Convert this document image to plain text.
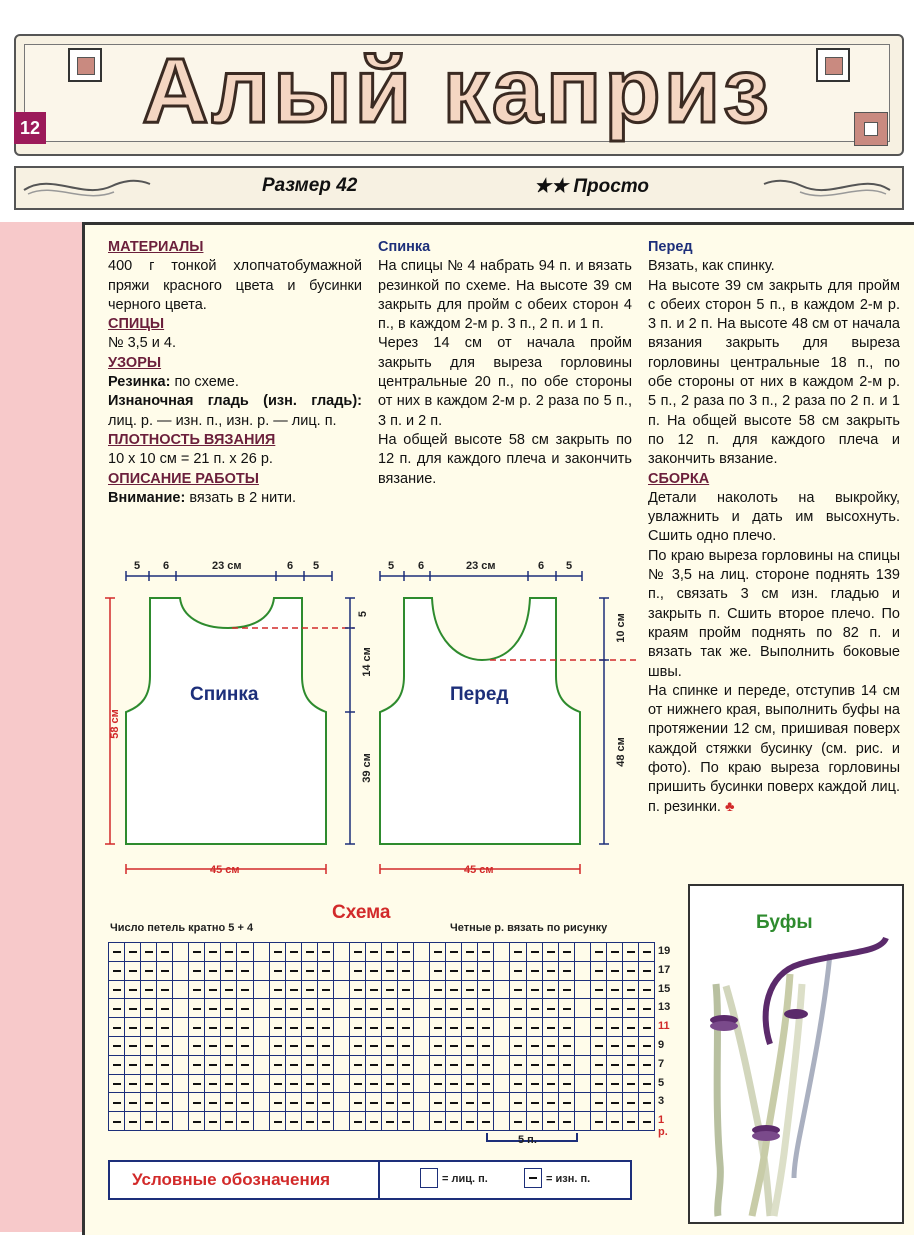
Алый каприз
12
Размер 42	★★ Просто
МАТЕРИАЛЫ
400 г тонкой хлопчатобумажной пряжи красного цвета и бусинки черного цвета.
СПИЦЫ
№ 3,5 и 4.
УЗОРЫ
Резинка: по схеме.
Изнаночная гладь (изн. гладь): лиц. р. — изн. п., изн. р. — лиц. п.
ПЛОТНОСТЬ ВЯЗАНИЯ
10 х 10 см = 21 п. х 26 р.
ОПИСАНИЕ РАБОТЫ
Внимание: вязать в 2 нити.
Спинка
На спицы № 4 набрать 94 п. и вязать резинкой по схеме. На высоте 39 см закрыть для пройм с обеих сторон 4 п., в каждом 2-м р. 3 п., 2 п. и 1 п.
Через 14 см от начала пройм закрыть для выреза горловины центральные 20 п., по обе стороны от них в каждом 2-м р. 2 раза по 5 п., 3 п. и 2 п.
На общей высоте 58 см закрыть по 12 п. для каждого плеча и закончить вязание.
Перед
Вязать, как спинку.
На высоте 39 см закрыть для пройм с обеих сторон 5 п., в каждом 2-м р. 3 п. и 2 п. На высоте 48 см от начала вязания закрыть для выреза горловины центральные 18 п., по обе стороны от них в каждом 2-м р. 5 п., 2 раза по 3 п., 2 раза по 2 п. и 1 п. На общей высоте 58 см закрыть по 12 п. для каждого плеча и закончить вязание.
СБОРКА
Детали наколоть на выкройку, увлажнить и дать им высохнуть. Сшить одно плечо.
По краю выреза горловины на спицы № 3,5 на лиц. стороне поднять 139 п., связать 3 см изн. гладью и закрыть п. Сшить второе плечо. По краям пройм поднять по 82 п. и вязать так же. Выполнить боковые швы.
На спинке и переде, отступив 14 см от нижнего края, выполнить буфы на протяжении 12 см, пришивая поверх каждой стяжки бусинку (см. рис. и фото). По краю выреза горловины пришить бусинки поверх каждой лиц. п. резинки. ♣
5 6	23 см	6 5
Спинка
58 см
5
14 см
39 см
45 см
5 6	23 см	6 5
Перед
10 см
48 см
45 см
Схема
Число петель кратно 5 + 4	Четные р. вязать по рисунку
19
17
15
13
11
9
7
5
3
1 р.
5 п.
Условные обозначения	= лиц. п.	= изн. п.
Буфы
